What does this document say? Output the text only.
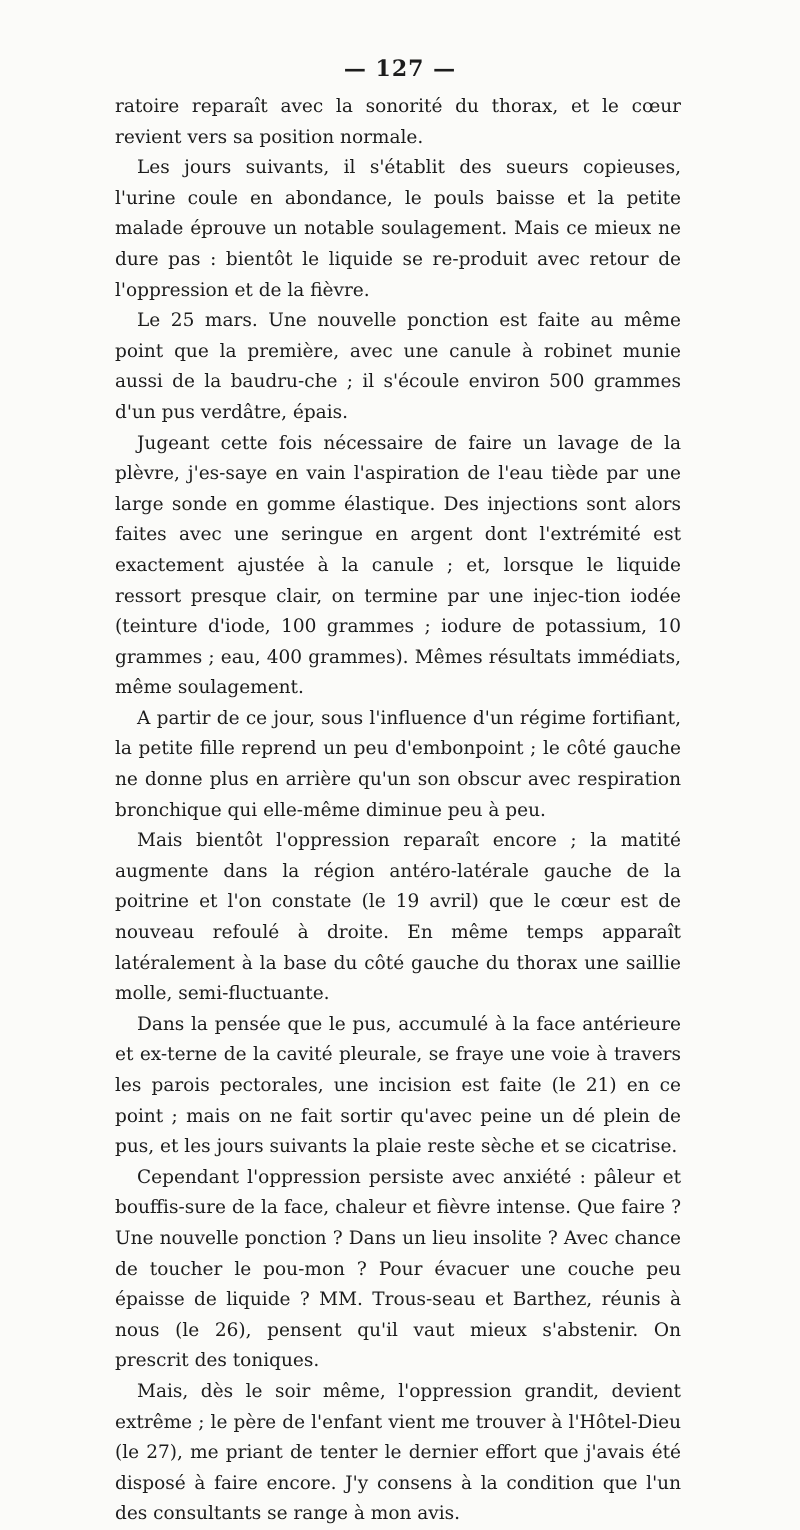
— 127 —

ratoire reparaît avec la sonorité du thorax, et le cœur revient vers sa position normale.

Les jours suivants, il s'établit des sueurs copieuses, l'urine coule en abondance, le pouls baisse et la petite malade éprouve un notable soulagement. Mais ce mieux ne dure pas : bientôt le liquide se re-produit avec retour de l'oppression et de la fièvre.

Le 25 mars. Une nouvelle ponction est faite au même point que la première, avec une canule à robinet munie aussi de la baudru-che ; il s'écoule environ 500 grammes d'un pus verdâtre, épais.

Jugeant cette fois nécessaire de faire un lavage de la plèvre, j'es-saye en vain l'aspiration de l'eau tiède par une large sonde en gomme élastique. Des injections sont alors faites avec une seringue en argent dont l'extrémité est exactement ajustée à la canule ; et, lorsque le liquide ressort presque clair, on termine par une injec-tion iodée (teinture d'iode, 100 grammes ; iodure de potassium, 10 grammes ; eau, 400 grammes). Mêmes résultats immédiats, même soulagement.

A partir de ce jour, sous l'influence d'un régime fortifiant, la petite fille reprend un peu d'embonpoint ; le côté gauche ne donne plus en arrière qu'un son obscur avec respiration bronchique qui elle-même diminue peu à peu.

Mais bientôt l'oppression reparaît encore ; la matité augmente dans la région antéro-latérale gauche de la poitrine et l'on constate (le 19 avril) que le cœur est de nouveau refoulé à droite. En même temps apparaît latéralement à la base du côté gauche du thorax une saillie molle, semi-fluctuante.

Dans la pensée que le pus, accumulé à la face antérieure et ex-terne de la cavité pleurale, se fraye une voie à travers les parois pectorales, une incision est faite (le 21) en ce point ; mais on ne fait sortir qu'avec peine un dé plein de pus, et les jours suivants la plaie reste sèche et se cicatrise.

Cependant l'oppression persiste avec anxiété : pâleur et bouffis-sure de la face, chaleur et fièvre intense. Que faire ? Une nouvelle ponction ? Dans un lieu insolite ? Avec chance de toucher le pou-mon ? Pour évacuer une couche peu épaisse de liquide ? MM. Trous-seau et Barthez, réunis à nous (le 26), pensent qu'il vaut mieux s'abstenir. On prescrit des toniques.

Mais, dès le soir même, l'oppression grandit, devient extrême ; le père de l'enfant vient me trouver à l'Hôtel-Dieu (le 27), me priant de tenter le dernier effort que j'avais été disposé à faire encore. J'y consens à la condition que l'un des consultants se range à mon avis.
